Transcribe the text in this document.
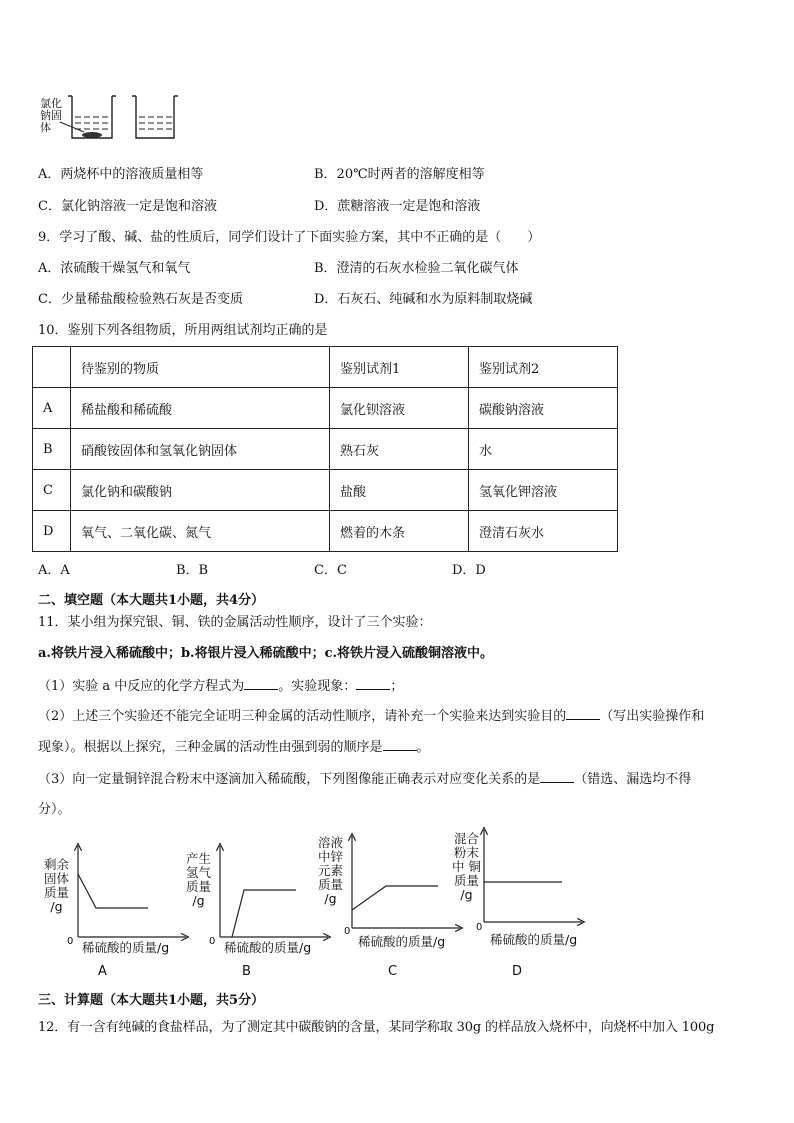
氯化
钠固
体
A．两烧杯中的溶液质量相等	B．20℃时两者的溶解度相等
C．氯化钠溶液一定是饱和溶液	D．蔗糖溶液一定是饱和溶液
9．学习了酸、碱、盐的性质后，同学们设计了下面实验方案，其中不正确的是（　　）
A．浓硫酸干燥氢气和氧气	B．澄清的石灰水检验二氧化碳气体
C．少量稀盐酸检验熟石灰是否变质	D．石灰石、纯碱和水为原料制取烧碱
10．鉴别下列各组物质，所用两组试剂均正确的是
	待鉴别的物质	鉴别试剂1	鉴别试剂2
A	稀盐酸和稀硫酸	氯化钡溶液	碳酸钠溶液
B	硝酸铵固体和氢氧化钠固体	熟石灰	水
C	氯化钠和碳酸钠	盐酸	氢氧化钾溶液
D	氧气、二氧化碳、氮气	燃着的木条	澄清石灰水
A．A	B．B	C．C	D．D
二、填空题（本大题共1小题，共4分）
11．某小组为探究银、铜、铁的金属活动性顺序，设计了三个实验：
a.将铁片浸入稀硫酸中；b.将银片浸入稀硫酸中；c.将铁片浸入硫酸铜溶液中。
（1）实验 a 中反应的化学方程式为	。实验现象：	；
（2）上述三个实验还不能完全证明三种金属的活动性顺序，请补充一个实验来达到实验目的	（写出实验操作和
现象）。根据以上探究，三种金属的活动性由强到弱的顺序是	。
（3）向一定量铜锌混合粉末中逐滴加入稀硫酸，下列图像能正确表示对应变化关系的是	（错选、漏选均不得
分）。
剩余
固体
质量
/g
0 稀硫酸的质量/g
A
产生
氢气
质量
/g
0 稀硫酸的质量/g
B
溶液
中锌
元素
质量
/g
0
稀硫酸的质量/g
C
混合
粉末
中 铜
质量
/g
0
稀硫酸的质量/g
D
三、计算题（本大题共1小题，共5分）
12．有一含有纯碱的食盐样品，为了测定其中碳酸钠的含量，某同学称取 30g 的样品放入烧杯中，向烧杯中加入 100g
